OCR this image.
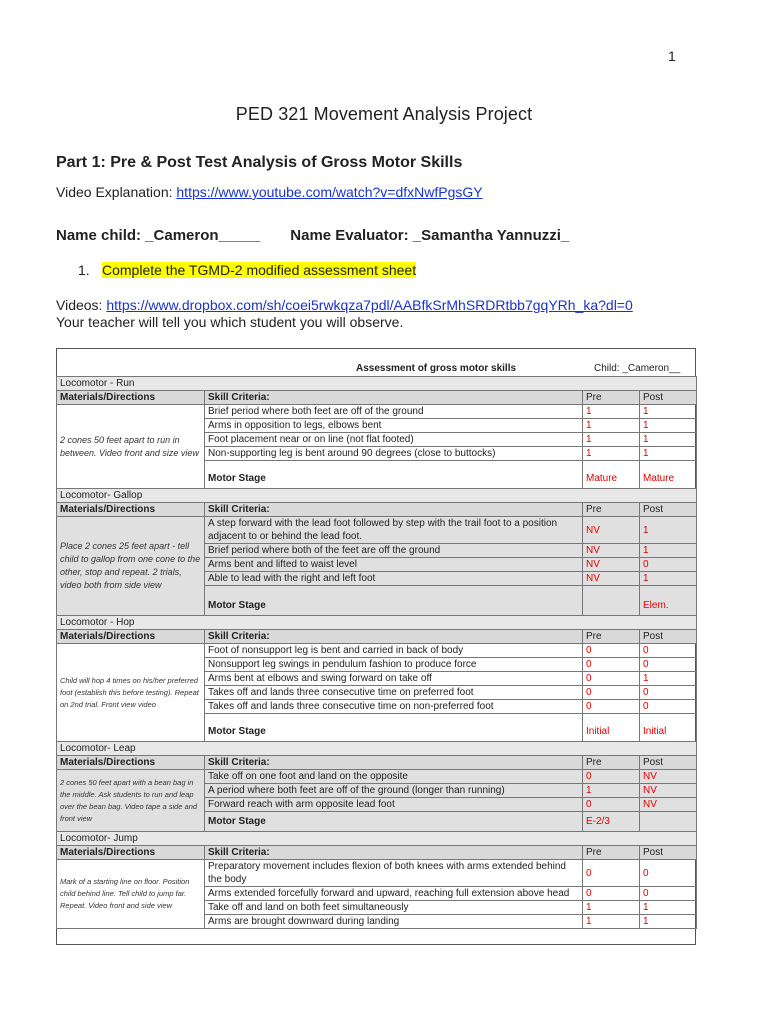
1
PED 321 Movement Analysis Project
Part 1: Pre & Post Test Analysis of Gross Motor Skills
Video Explanation: https://www.youtube.com/watch?v=dfxNwfPgsGY
Name child: _Cameron_____ Name Evaluator: _Samantha Yannuzzi_
1. Complete the TGMD-2 modified assessment sheet
Videos: https://www.dropbox.com/sh/coei5rwkqza7pdl/AABfkSrMhSRDRtbb7gqYRh_ka?dl=0
Your teacher will tell you which student you will observe.
Assessment of gross motor skills	Child: _Cameron__
Locomotor - Run			
Materials/Directions	Skill Criteria:	Pre	Post
2 cones 50 feet apart to run in between. Video front and size view	Brief period where both feet are off of the ground	1	1
	Arms in opposition to legs, elbows bent	1	1
	Foot placement near or on line (not flat footed)	1	1
	Non-supporting leg is bent around 90 degrees (close to buttocks)	1	1
	Motor Stage	Mature	Mature
Locomotor- Gallop			
Materials/Directions	Skill Criteria:	Pre	Post
Place 2 cones 25 feet apart - tell child to gallop from one cone to the other, stop and repeat. 2 trials, video both from side view	A step forward with the lead foot followed by step with the trail foot to a position adjacent to or behind the lead foot.	NV	1
	Brief period where both of the feet are off the ground	NV	1
	Arms bent and lifted to waist level	NV	0
	Able to lead with the right and left foot	NV	1
	Motor Stage		Elem.
Locomotor - Hop			
Materials/Directions	Skill Criteria:	Pre	Post
Child will hop 4 times on his/her preferred foot (establish this before testing). Repeat on 2nd trial. Front view video	Foot of nonsupport leg is bent and carried in back of body	0	0
	Nonsupport leg swings in pendulum fashion to produce force	0	0
	Arms bent at elbows and swing forward on take off	0	1
	Takes off and lands three consecutive time on preferred foot	0	0
	Takes off and lands three consecutive time on non-preferred foot	0	0
	Motor Stage	Initial	Initial
Locomotor- Leap			
Materials/Directions	Skill Criteria:	Pre	Post
2 cones 50 feet apart with a bean bag in the middle. Ask students to run and leap over the bean bag. Video tape a side and front view	Take off on one foot and land on the opposite	0	NV
	A period where both feet are off of the ground (longer than running)	1	NV
	Forward reach with arm opposite lead foot	0	NV
	Motor Stage	E-2/3	
Locomotor- Jump			
Materials/Directions	Skill Criteria:	Pre	Post
Mark of a starting line on floor. Position child behind line. Tell child to jump far. Repeat. Video front and side view	Preparatory movement includes flexion of both knees with arms extended behind the body	0	0
	Arms extended forcefully forward and upward, reaching full extension above head	0	0
	Take off and land on both feet simultaneously	1	1
	Arms are brought downward during landing	1	1
